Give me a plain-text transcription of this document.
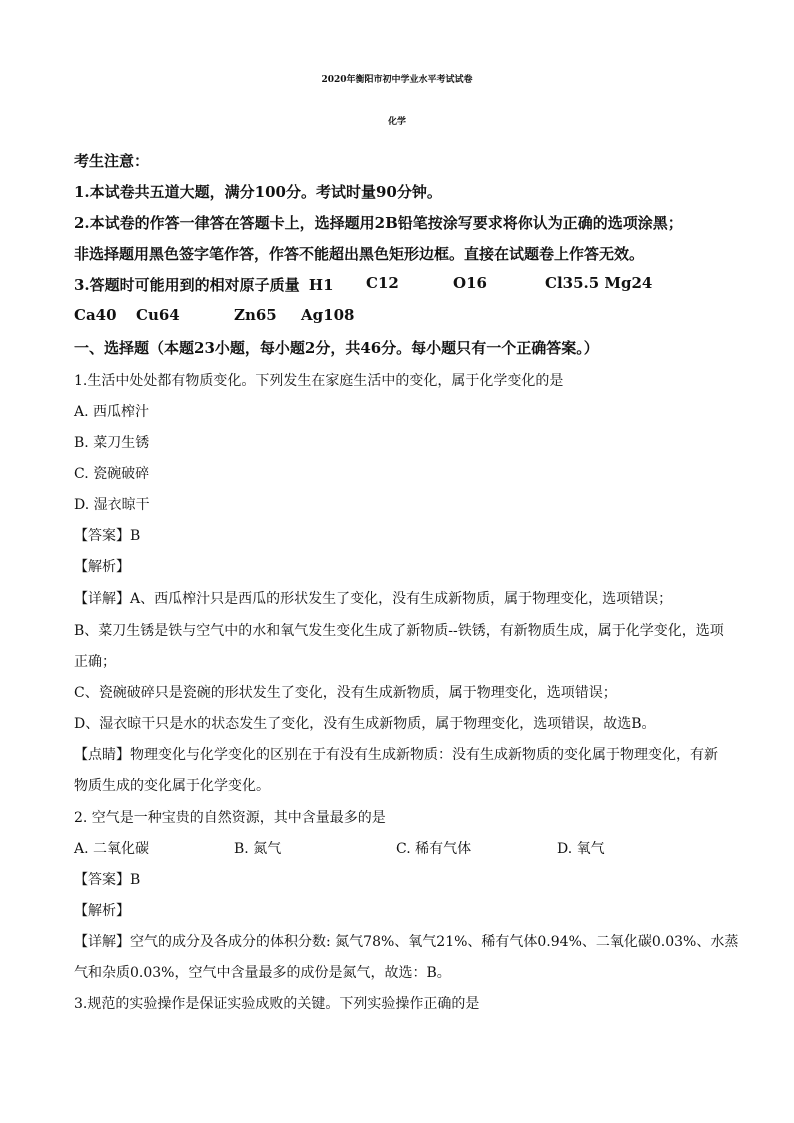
2020年衡阳市初中学业水平考试试卷
化学
考生注意：
1.本试卷共五道大题，满分100分。考试时量90分钟。
2.本试卷的作答一律答在答题卡上，选择题用2B铅笔按涂写要求将你认为正确的选项涂黑；
非选择题用黑色签字笔作答，作答不能超出黑色矩形边框。直接在试题卷上作答无效。
3.答题时可能用到的相对原子质量 H1 C12	O16	Cl35.5 Mg24
Ca40 Cu64	Zn65 Ag108
一、选择题（本题23小题，每小题2分，共46分。每小题只有一个正确答案。）
1.生活中处处都有物质变化。下列发生在家庭生活中的变化，属于化学变化的是
A. 西瓜榨汁
B. 菜刀生锈
C. 瓷碗破碎
D. 湿衣晾干
【答案】B
【解析】
【详解】A、西瓜榨汁只是西瓜的形状发生了变化，没有生成新物质，属于物理变化，选项错误；
B、菜刀生锈是铁与空气中的水和氧气发生变化生成了新物质--铁锈，有新物质生成，属于化学变化，选项
正确；
C、瓷碗破碎只是瓷碗的形状发生了变化，没有生成新物质，属于物理变化，选项错误；
D、湿衣晾干只是水的状态发生了变化，没有生成新物质，属于物理变化，选项错误，故选B。
【点睛】物理变化与化学变化的区别在于有没有生成新物质：没有生成新物质的变化属于物理变化，有新
物质生成的变化属于化学变化。
2. 空气是一种宝贵的自然资源，其中含量最多的是
A. 二氧化碳	B. 氮气	C. 稀有气体	D. 氧气
【答案】B
【解析】
【详解】空气的成分及各成分的体积分数: 氮气78%、氧气21%、稀有气体0.94%、二氧化碳0.03%、水蒸
气和杂质0.03%，空气中含量最多的成份是氮气，故选：B。
3.规范的实验操作是保证实验成败的关键。下列实验操作正确的是
